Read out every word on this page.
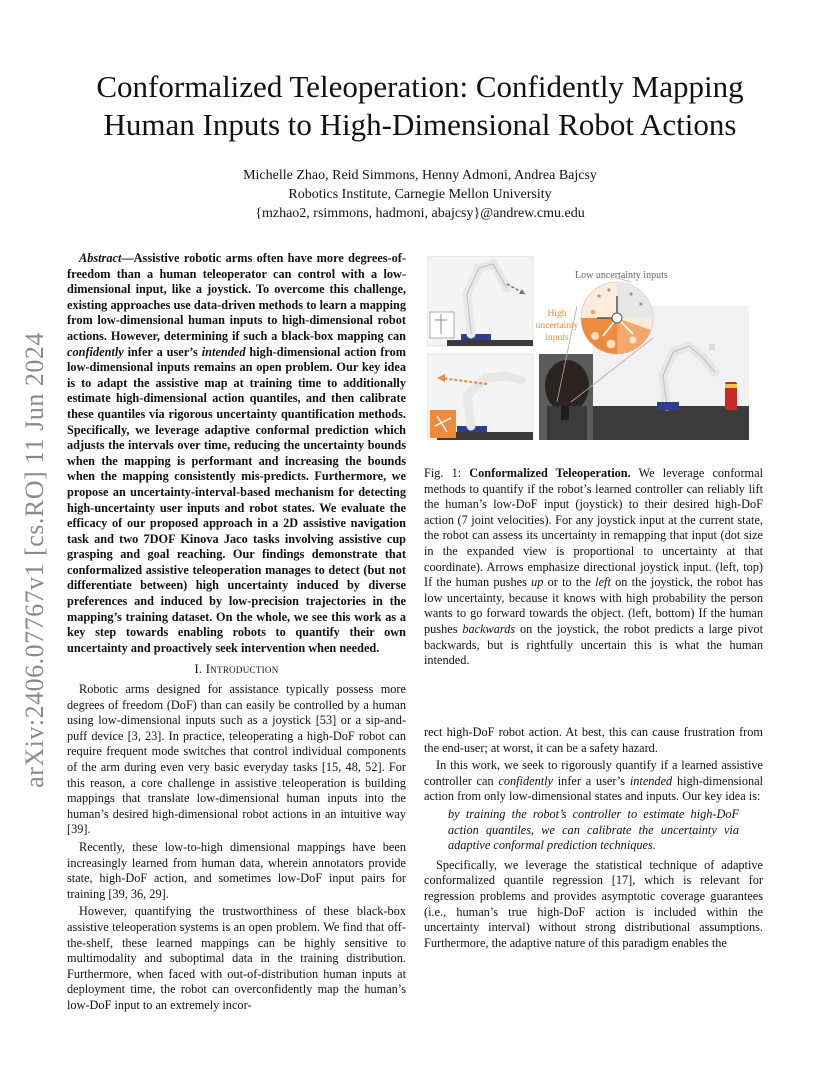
arXiv:2406.07767v1 [cs.RO] 11 Jun 2024
Conformalized Teleoperation: Confidently Mapping
Human Inputs to High-Dimensional Robot Actions
Michelle Zhao, Reid Simmons, Henny Admoni, Andrea Bajcsy
Robotics Institute, Carnegie Mellon University
{mzhao2, rsimmons, hadmoni, abajcsy}@andrew.cmu.edu

Abstract—Assistive robotic arms often have more degrees-of-freedom than a human teleoperator can control with a low-dimensional input, like a joystick. To overcome this challenge, existing approaches use data-driven methods to learn a mapping from low-dimensional human inputs to high-dimensional robot actions. However, determining if such a black-box mapping can confidently infer a user’s intended high-dimensional action from low-dimensional inputs remains an open problem. Our key idea is to adapt the assistive map at training time to additionally estimate high-dimensional action quantiles, and then calibrate these quantiles via rigorous uncertainty quantification methods. Specifically, we leverage adaptive conformal prediction which adjusts the intervals over time, reducing the uncertainty bounds when the mapping is performant and increasing the bounds when the mapping consistently mis-predicts. Furthermore, we propose an uncertainty-interval-based mechanism for detecting high-uncertainty user inputs and robot states. We evaluate the efficacy of our proposed approach in a 2D assistive navigation task and two 7DOF Kinova Jaco tasks involving assistive cup grasping and goal reaching. Our findings demonstrate that conformalized assistive teleoperation manages to detect (but not differentiate between) high uncertainty induced by diverse preferences and induced by low-precision trajectories in the mapping’s training dataset. On the whole, we see this work as a key step towards enabling robots to quantify their own uncertainty and proactively seek intervention when needed.

I. Introduction

Robotic arms designed for assistance typically possess more degrees of freedom (DoF) than can easily be controlled by a human using low-dimensional inputs such as a joystick [53] or a sip-and-puff device [3, 23]. In practice, teleoperating a high-DoF robot can require frequent mode switches that control individual components of the arm during even very basic everyday tasks [15, 48, 52]. For this reason, a core challenge in assistive teleoperation is building mappings that translate low-dimensional human inputs into the human’s desired high-dimensional robot actions in an intuitive way [39].

Recently, these low-to-high dimensional mappings have been increasingly learned from human data, wherein annotators provide state, high-DoF action, and sometimes low-DoF input pairs for training [39, 36, 29].

However, quantifying the trustworthiness of these black-box assistive teleoperation systems is an open problem. We find that off-the-shelf, these learned mappings can be highly sensitive to multimodality and suboptimal data in the training distribution. Furthermore, when faced with out-of-distribution human inputs at deployment time, the robot can overconfidently map the human’s low-DoF input to an extremely incor-

Low uncertainty inputs
High
uncertainty
inputs
Fig. 1: Conformalized Teleoperation. We leverage conformal methods to quantify if the robot’s learned controller can reliably lift the human’s low-DoF input (joystick) to their desired high-DoF action (7 joint velocities). For any joystick input at the current state, the robot can assess its uncertainty in remapping that input (dot size in the expanded view is proportional to uncertainty at that coordinate). Arrows emphasize directional joystick input. (left, top) If the human pushes up or to the left on the joystick, the robot has low uncertainty, because it knows with high probability the person wants to go forward towards the object. (left, bottom) If the human pushes backwards on the joystick, the robot predicts a large pivot backwards, but is rightfully uncertain this is what the human intended.

rect high-DoF robot action. At best, this can cause frustration from the end-user; at worst, it can be a safety hazard.

In this work, we seek to rigorously quantify if a learned assistive controller can confidently infer a user’s intended high-dimensional action from only low-dimensional states and inputs. Our key idea is:

by training the robot’s controller to estimate high-DoF action quantiles, we can calibrate the uncertainty via adaptive conformal prediction techniques.

Specifically, we leverage the statistical technique of adaptive conformalized quantile regression [17], which is relevant for regression problems and provides asymptotic coverage guarantees (i.e., human’s true high-DoF action is included within the uncertainty interval) without strong distributional assumptions. Furthermore, the adaptive nature of this paradigm enables the
